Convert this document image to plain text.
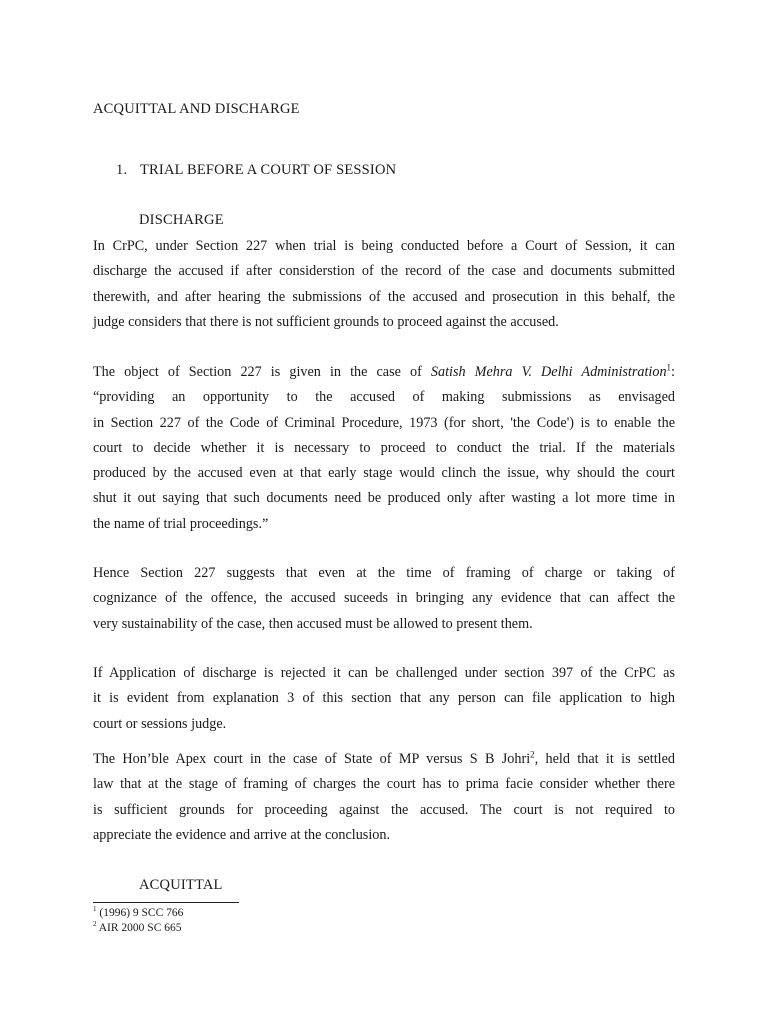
ACQUITTAL AND DISCHARGE
1. TRIAL BEFORE A COURT OF SESSION
DISCHARGE
In CrPC, under Section 227 when trial is being conducted before a Court of Session, it can
discharge the accused if after considerstion of the record of the case and documents submitted
therewith, and after hearing the submissions of the accused and prosecution in this behalf, the
judge considers that there is not sufficient grounds to proceed against the accused.
The object of Section 227 is given in the case of Satish Mehra V. Delhi Administration$^1$:
“providing an opportunity to the accused of making submissions as envisaged
in Section 227 of the Code of Criminal Procedure, 1973 (for short, 'the Code') is to enable the
court to decide whether it is necessary to proceed to conduct the trial. If the materials
produced by the accused even at that early stage would clinch the issue, why should the court
shut it out saying that such documents need be produced only after wasting a lot more time in
the name of trial proceedings.”
Hence Section 227 suggests that even at the time of framing of charge or taking of
cognizance of the offence, the accused suceeds in bringing any evidence that can affect the
very sustainability of the case, then accused must be allowed to present them.
If Application of discharge is rejected it can be challenged under section 397 of the CrPC as
it is evident from explanation 3 of this section that any person can file application to high
court or sessions judge.
The Hon’ble Apex court in the case of State of MP versus S B Johri$^2$, held that it is settled
law that at the stage of framing of charges the court has to prima facie consider whether there
is sufficient grounds for proceeding against the accused. The court is not required to
appreciate the evidence and arrive at the conclusion.
ACQUITTAL
$^1$ (1996) 9 SCC 766
$^2$ AIR 2000 SC 665
